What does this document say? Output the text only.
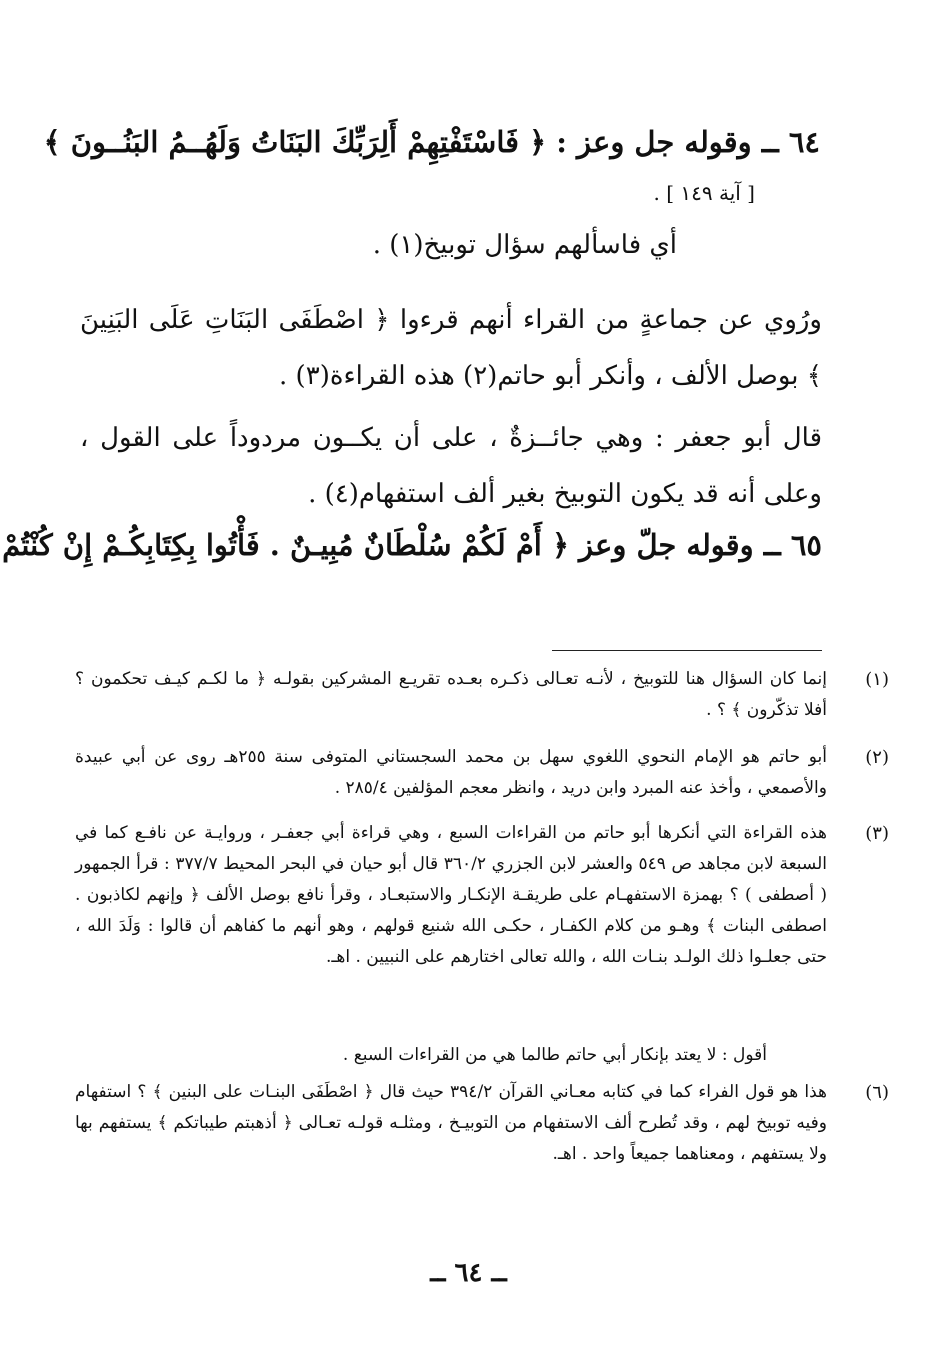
٦٤ ــ وقوله جل وعز : ﴿ فَاسْتَفْتِهِمْ أَلِرَبِّكَ البَنَاتُ وَلَهُــمُ البَنُــونَ ﴾
[ آية ١٤٩ ] .
أي فاسألهم سؤال توبيخ(١) .
ورُوي عن جماعةٍ من القراء أنهم قرءوا ﴿ اصْطَفَى البَنَاتِ عَلَى البَنِينَ ﴾ بوصل الألف ، وأنكر أبو حاتم(٢) هذه القراءة(٣) .
قال أبو جعفر : وهي جائــزةٌ ، على أن يكــون مردوداً على القول ، وعلى أنه قد يكون التوبيخ بغير ألف استفهام(٤) .
٦٥ ــ وقوله جلّ وعز ﴿ أَمْ لَكُمْ سُلْطَانٌ مُبِيـنٌ . فَأْتُوا بِكِتَابِكُـمْ إِنْ كُنْتُمْ
(١)
إنما كان السؤال هنا للتوبيخ ، لأنـه تعـالى ذكـره بعـده تقريـع المشركين بقولـه ﴿ ما لكـم كيـف تحكمون ؟ أفلا تذكّرون ﴾ ؟ .
(٢)
أبو حاتم هو الإمام النحوي اللغوي سهل بن محمد السجستاني المتوفى سنة ٢٥٥هـ روى عن أبي عبيدة والأصمعي ، وأخذ عنه المبرد وابن دريد ، وانظر معجم المؤلفين ٢٨٥/٤ .
(٣)
هذه القراءة التي أنكرها أبو حاتم من القراءات السبع ، وهي قراءة أبي جعفـر ، وروايـة عن نافـع كما في السبعة لابن مجاهد ص ٥٤٩ والعشر لابن الجزري ٣٦٠/٢ قال أبو حيان في البحر المحيط ٣٧٧/٧ : قرأ الجمهور ( أصطفى ) ؟ بهمزة الاستفهـام على طريقـة الإنكـار والاستبعـاد ، وقرأ نافع بوصل الألف ﴿ وإنهم لكاذبون . اصطفى البنات ﴾ وهـو من كلام الكفـار ، حكـى الله شنيع قولهم ، وهو أنهم ما كفاهم أن قالوا : وَلَدَ الله ، حتى جعلـوا ذلك الولـد بنـات الله ، والله تعالى اختارهم على النبيين . اهـ.
أقول : لا يعتد بإنكار أبي حاتم طالما هي من القراءات السبع .
(٦)
هذا هو قول الفراء كما في كتابه معـاني القرآن ٣٩٤/٢ حيث قال ﴿ اصْطَفَى البنـات على البنين ﴾ ؟ استفهام وفيه توبيخ لهم ، وقد تُطرح ألف الاستفهام من التوبيـخ ، ومثلـه قولـه تعـالى ﴿ أذهبتم طيباتكم ﴾ يستفهم بها ولا يستفهم ، ومعناهما جميعاً واحد . اهـ.
ــ ٦٤ ــ
